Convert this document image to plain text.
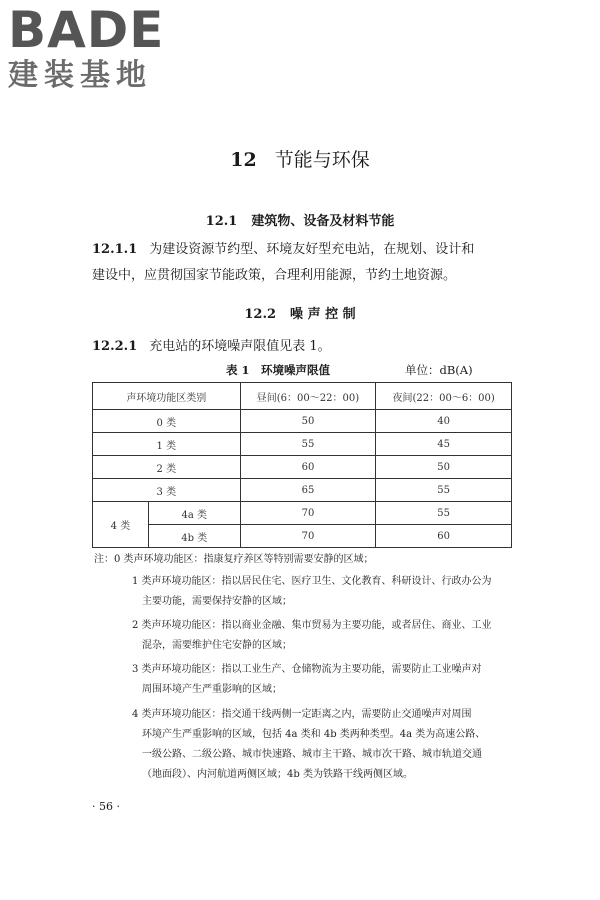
BADE
建装基地
12 节能与环保
12.1 建筑物、设备及材料节能
12.1.1 为建设资源节约型、环境友好型充电站，在规划、设计和
建设中，应贯彻国家节能政策，合理利用能源，节约土地资源。
12.2 噪 声 控 制
12.2.1 充电站的环境噪声限值见表 1。
表 1　环境噪声限值	单位：dB(A)
声环境功能区类别		昼间(6：00～22：00)	夜间(22：00～6：00)
0 类		50	40
1 类		55	45
2 类		60	50
3 类		65	55
4 类	4a 类	70	55
	4b 类	70	60
注：0 类声环境功能区：指康复疗养区等特别需要安静的区域；
1 类声环境功能区：指以居民住宅、医疗卫生、文化教育、科研设计、行政办公为
主要功能，需要保持安静的区域；
2 类声环境功能区：指以商业金融、集市贸易为主要功能，或者居住、商业、工业
混杂，需要维护住宅安静的区域；
3 类声环境功能区：指以工业生产、仓储物流为主要功能，需要防止工业噪声对
周围环境产生严重影响的区域；
4 类声环境功能区：指交通干线两侧一定距离之内，需要防止交通噪声对周围
环境产生严重影响的区域，包括 4a 类和 4b 类两种类型。4a 类为高速公路、
一级公路、二级公路、城市快速路、城市主干路、城市次干路、城市轨道交通
（地面段）、内河航道两侧区域；4b 类为铁路干线两侧区域。
· 56 ·
